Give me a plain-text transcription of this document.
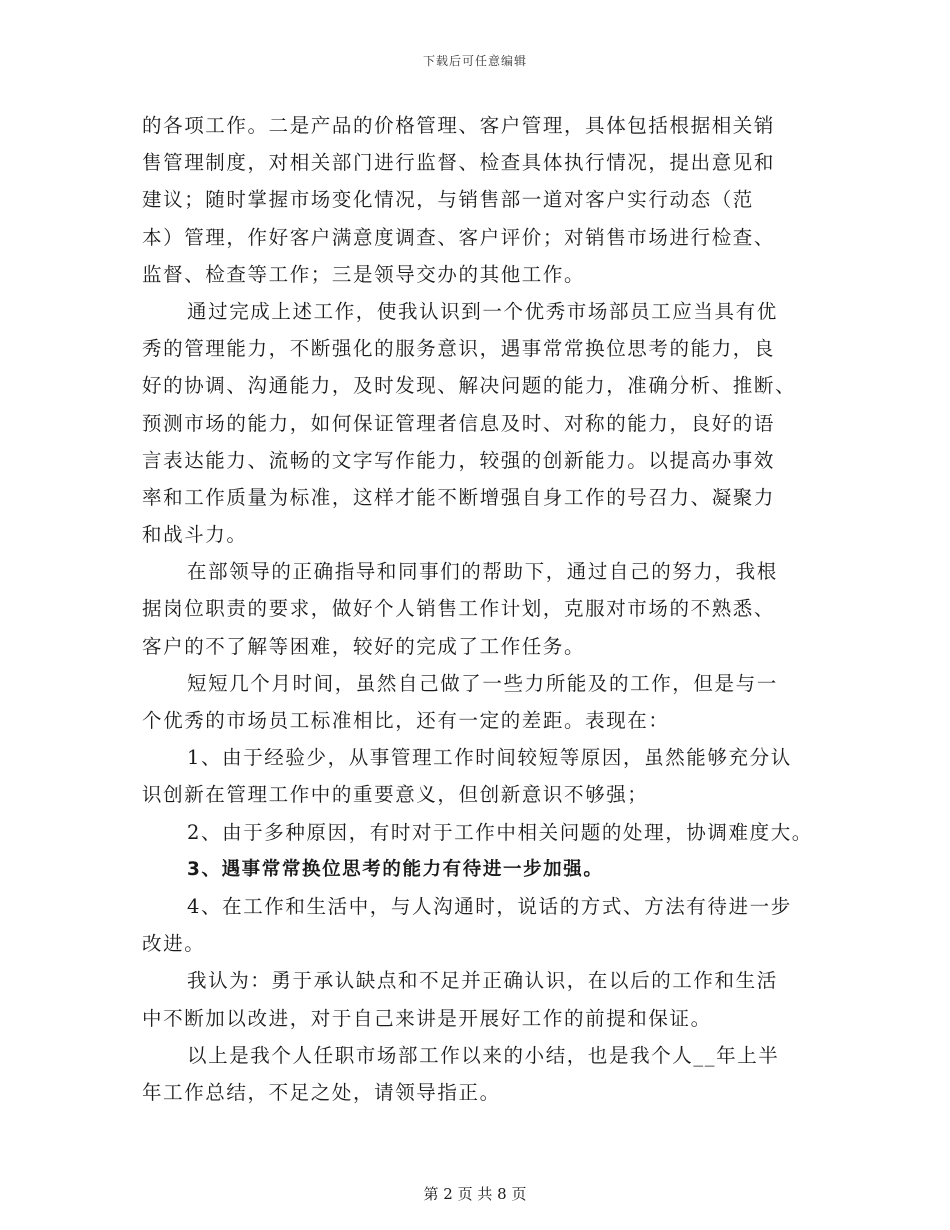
下载后可任意编辑
的各项工作。二是产品的价格管理、客户管理，具体包括根据相关销
售管理制度，对相关部门进行监督、检查具体执行情况，提出意见和
建议；随时掌握市场变化情况，与销售部一道对客户实行动态（范
本）管理，作好客户满意度调查、客户评价；对销售市场进行检查、
监督、检查等工作；三是领导交办的其他工作。
通过完成上述工作，使我认识到一个优秀市场部员工应当具有优
秀的管理能力，不断强化的服务意识，遇事常常换位思考的能力，良
好的协调、沟通能力，及时发现、解决问题的能力，准确分析、推断、
预测市场的能力，如何保证管理者信息及时、对称的能力，良好的语
言表达能力、流畅的文字写作能力，较强的创新能力。以提高办事效
率和工作质量为标准，这样才能不断增强自身工作的号召力、凝聚力
和战斗力。
在部领导的正确指导和同事们的帮助下，通过自己的努力，我根
据岗位职责的要求，做好个人销售工作计划，克服对市场的不熟悉、
客户的不了解等困难，较好的完成了工作任务。
短短几个月时间，虽然自己做了一些力所能及的工作，但是与一
个优秀的市场员工标准相比，还有一定的差距。表现在：
1、由于经验少，从事管理工作时间较短等原因，虽然能够充分认
识创新在管理工作中的重要意义，但创新意识不够强；
2、由于多种原因，有时对于工作中相关问题的处理，协调难度大。
3、遇事常常换位思考的能力有待进一步加强。
4、在工作和生活中，与人沟通时，说话的方式、方法有待进一步
改进。
我认为：勇于承认缺点和不足并正确认识，在以后的工作和生活
中不断加以改进，对于自己来讲是开展好工作的前提和保证。
以上是我个人任职市场部工作以来的小结，也是我个人__年上半
年工作总结，不足之处，请领导指正。
第 2 页 共 8 页
